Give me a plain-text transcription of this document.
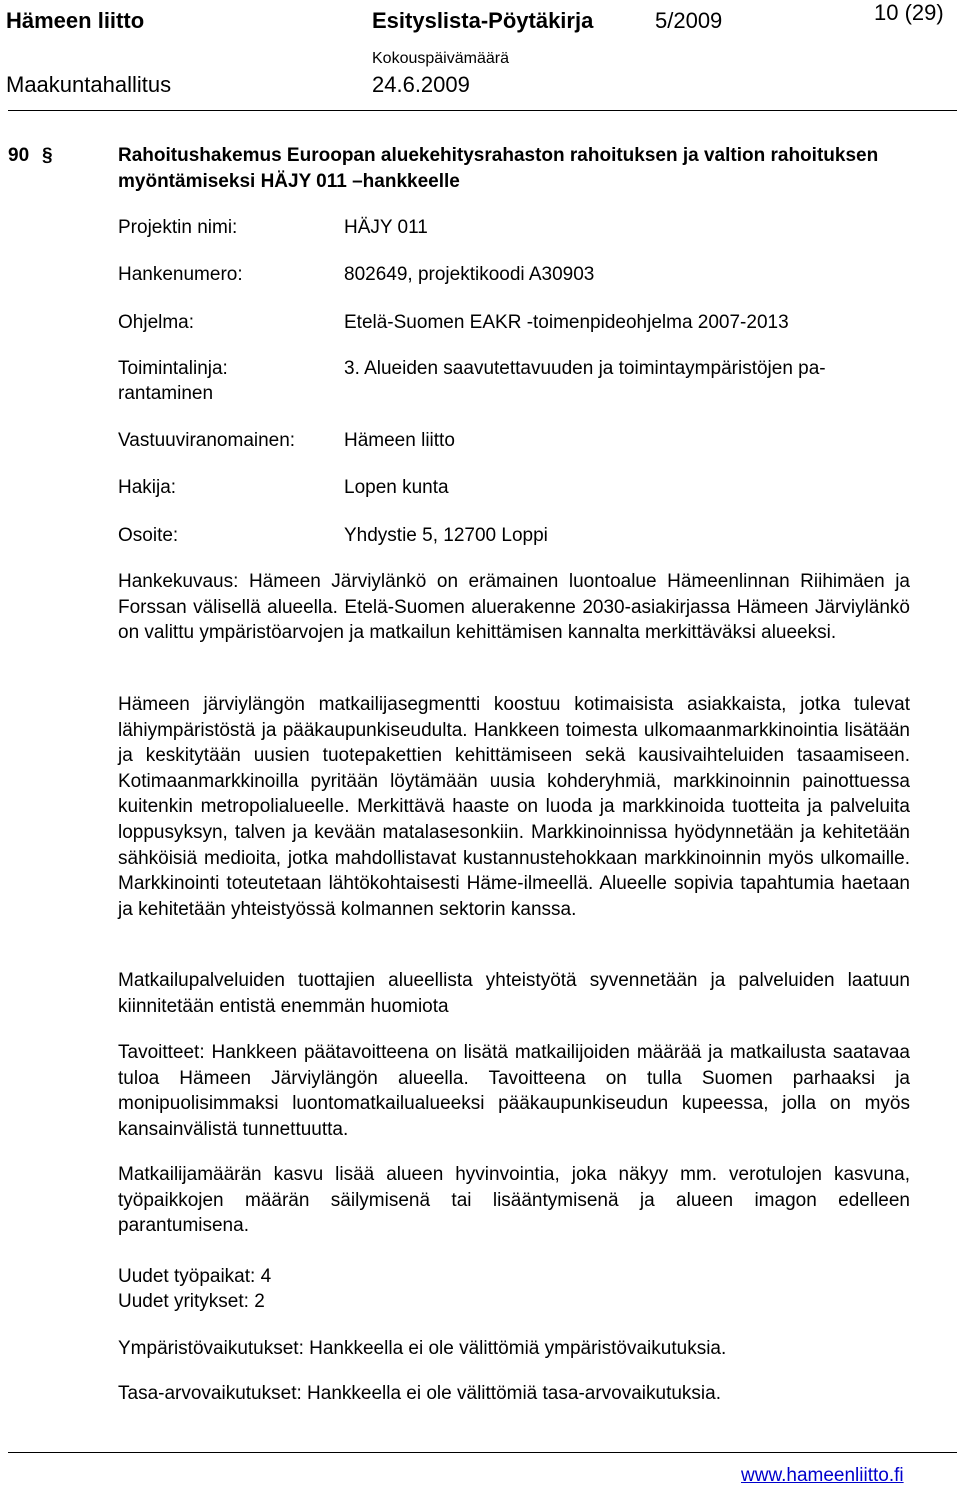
Hämeen liitto	Esityslista-Pöytäkirja	5/2009	10 (29)
Kokouspäivämäärä
Maakuntahallitus	24.6.2009
90 §	Rahoitushakemus Euroopan aluekehitysrahaston rahoituksen ja valtion rahoituksen myöntämiseksi HÄJY 011 –hankkeelle
Projektin nimi:	HÄJY 011
Hankenumero:	802649, projektikoodi A30903
Ohjelma:	Etelä-Suomen EAKR -toimenpideohjelma 2007-2013
Toimintalinja:	3. Alueiden saavutettavuuden ja toimintaympäristöjen pa-
rantaminen
Vastuuviranomainen:	Hämeen liitto
Hakija:	Lopen kunta
Osoite:	Yhdystie 5, 12700 Loppi

Hankekuvaus: Hämeen Järviylänkö on erämainen luontoalue Hämeenlinnan Riihimäen ja Forssan välisellä alueella. Etelä-Suomen aluerakenne 2030-asiakirjassa Hämeen Järviylänkö on valittu ympäristöarvojen ja matkailun kehittämisen kannalta merkittäväksi alueeksi.

Hämeen järviylängön matkailijasegmentti koostuu kotimaisista asiakkaista, jotka tulevat lähiympäristöstä ja pääkaupunkiseudulta. Hankkeen toimesta ulkomaanmarkkinointia lisätään ja keskitytään uusien tuotepakettien kehittämiseen sekä kausivaihteluiden tasaamiseen. Kotimaanmarkkinoilla pyritään löytämään uusia kohderyhmiä, markkinoinnin painottuessa kuitenkin metropolialueelle. Merkittävä haaste on luoda ja markkinoida tuotteita ja palveluita loppusyksyn, talven ja kevään matalasesonkiin. Markkinoinnissa hyödynnetään ja kehitetään sähköisiä medioita, jotka mahdollistavat kustannustehokkaan markkinoinnin myös ulkomaille. Markkinointi toteutetaan lähtökohtaisesti Häme-ilmeellä. Alueelle sopivia tapahtumia haetaan ja kehitetään yhteistyössä kolmannen sektorin kanssa.

Matkailupalveluiden tuottajien alueellista yhteistyötä syvennetään ja palveluiden laatuun kiinnitetään entistä enemmän huomiota

Tavoitteet: Hankkeen päätavoitteena on lisätä matkailijoiden määrää ja matkailusta saatavaa tuloa Hämeen Järviylängön alueella. Tavoitteena on tulla Suomen parhaaksi ja monipuolisimmaksi luontomatkailualueeksi pääkaupunkiseudun kupeessa, jolla on myös kansainvälistä tunnettuutta.

Matkailijamäärän kasvu lisää alueen hyvinvointia, joka näkyy mm. verotulojen kasvuna, työpaikkojen määrän säilymisenä tai lisääntymisenä ja alueen imagon edelleen parantumisena.

Uudet työpaikat: 4
Uudet yritykset: 2
Ympäristövaikutukset: Hankkeella ei ole välittömiä ympäristövaikutuksia.
Tasa-arvovaikutukset: Hankkeella ei ole välittömiä tasa-arvovaikutuksia.
www.hameenliitto.fi
